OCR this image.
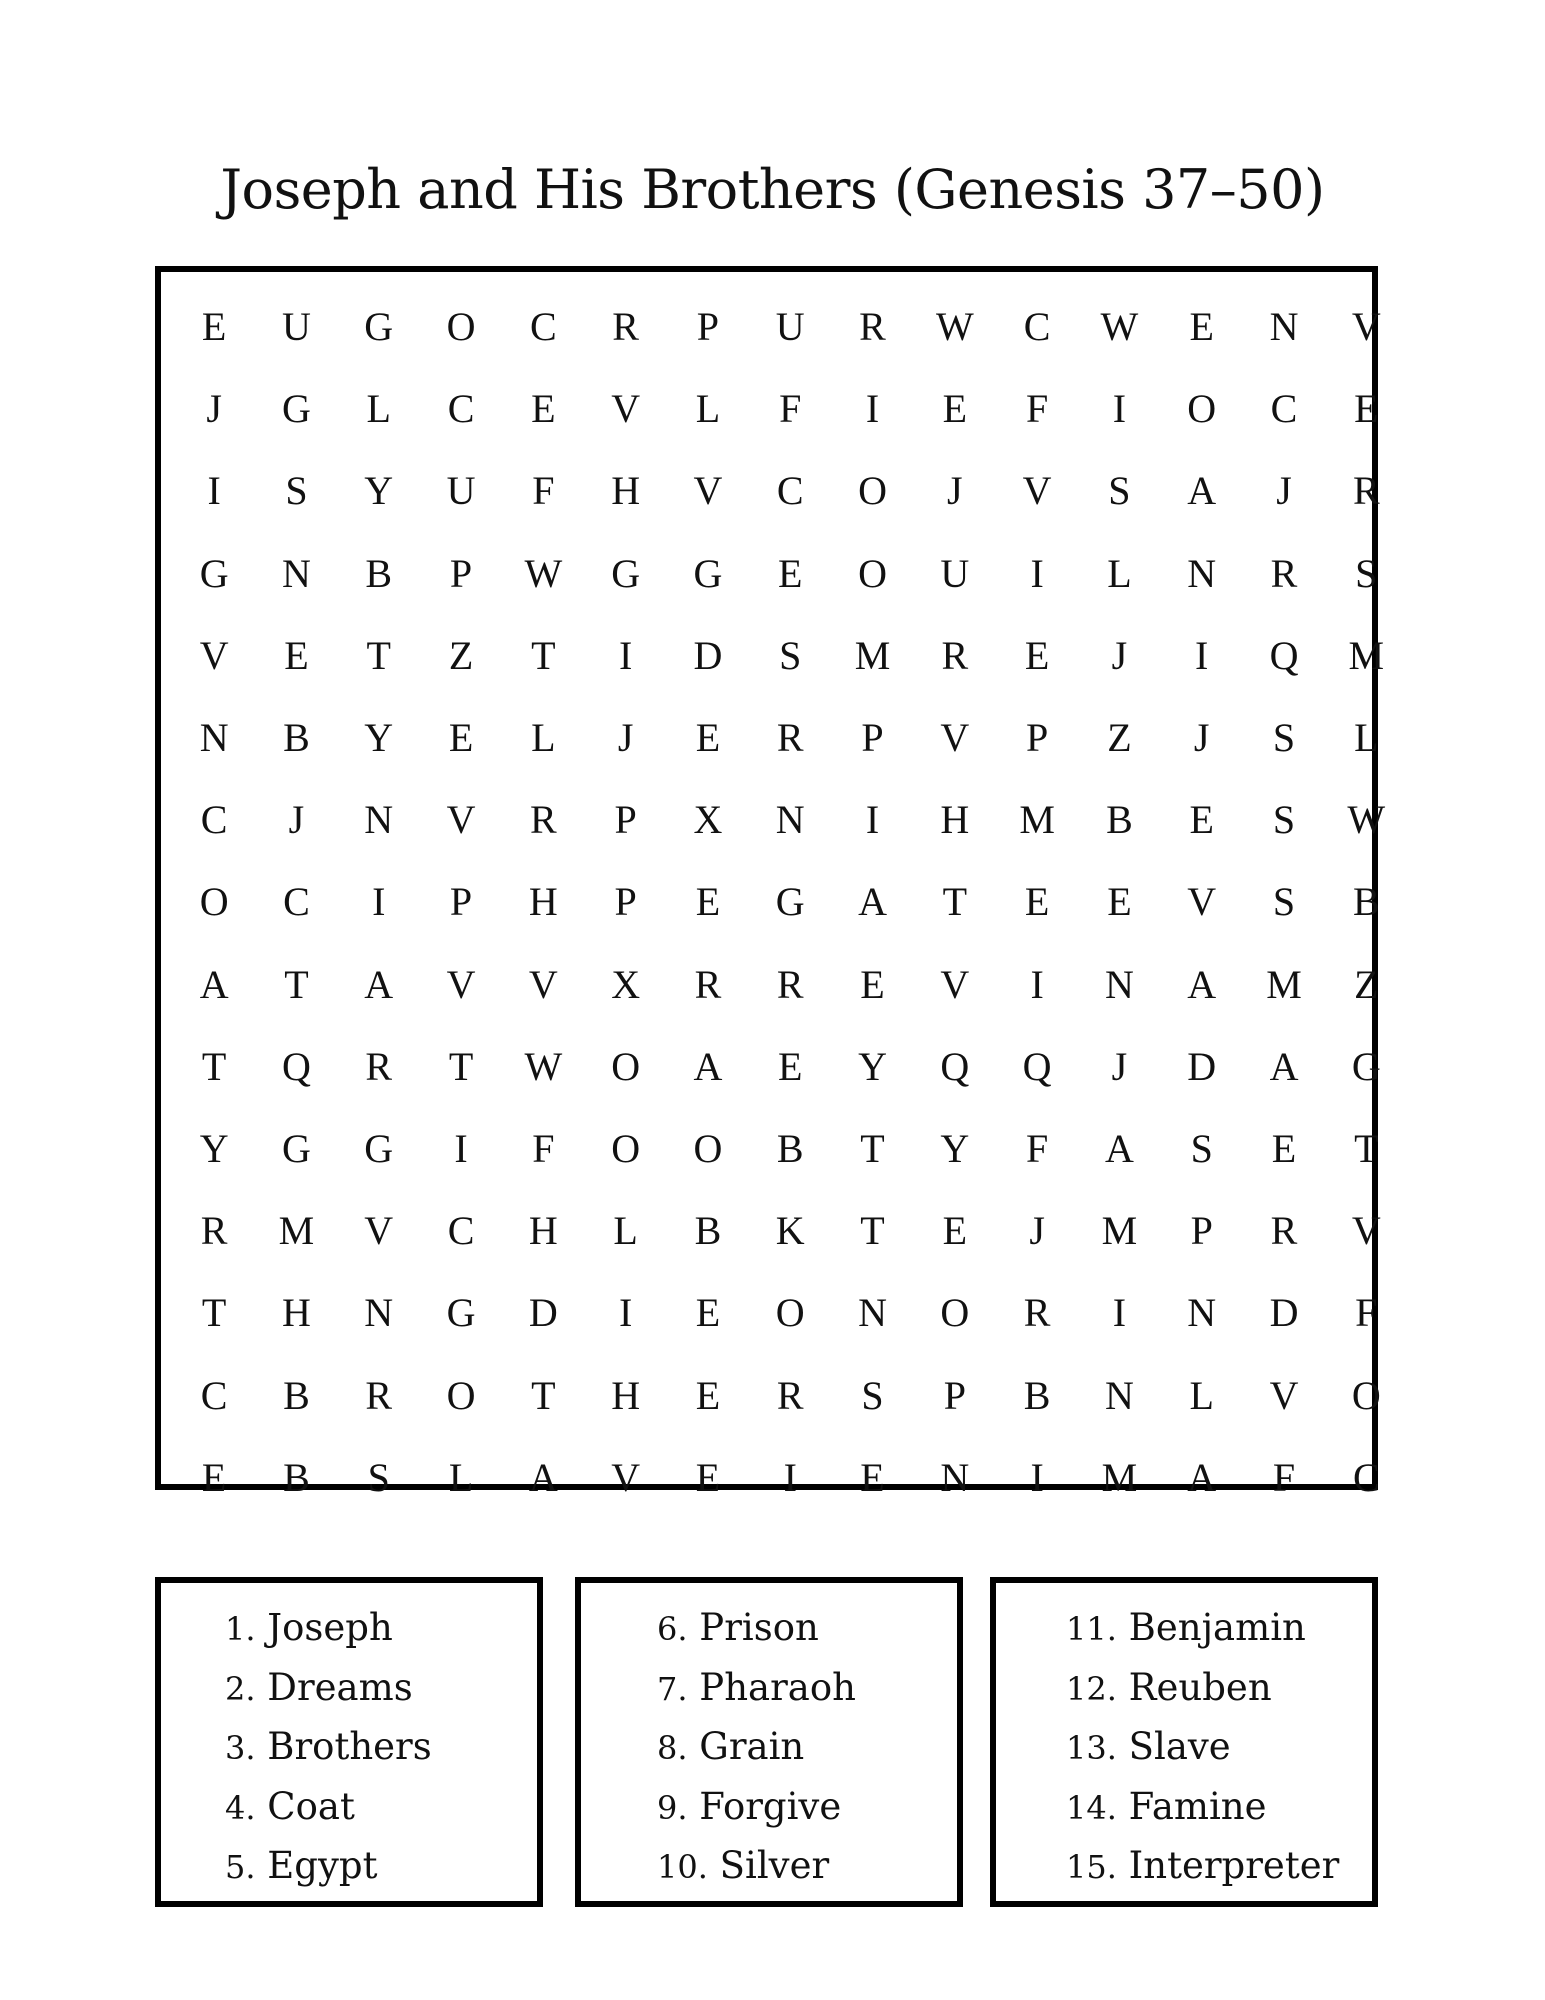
Joseph and His Brothers (Genesis 37–50)
E	U	G	O	C	R	P	U	R	W	C	W	E	N	V
J	G	L	C	E	V	L	F	I	E	F	I	O	C	E
I	S	Y	U	F	H	V	C	O	J	V	S	A	J	R
G	N	B	P	W	G	G	E	O	U	I	L	N	R	S
V	E	T	Z	T	I	D	S	M	R	E	J	I	Q	M
N	B	Y	E	L	J	E	R	P	V	P	Z	J	S	L
C	J	N	V	R	P	X	N	I	H	M	B	E	S	W
O	C	I	P	H	P	E	G	A	T	E	E	V	S	B
A	T	A	V	V	X	R	R	E	V	I	N	A	M	Z
T	Q	R	T	W	O	A	E	Y	Q	Q	J	D	A	G
Y	G	G	I	F	O	O	B	T	Y	F	A	S	E	T
R	M	V	C	H	L	B	K	T	E	J	M	P	R	V
T	H	N	G	D	I	E	O	N	O	R	I	N	D	F
C	B	R	O	T	H	E	R	S	P	B	N	L	V	O
E	B	S	L	A	V	E	I	E	N	I	M	A	F	C
1. Joseph
2. Dreams
3. Brothers
4. Coat
5. Egypt
6. Prison
7. Pharaoh
8. Grain
9. Forgive
10. Silver
11. Benjamin
12. Reuben
13. Slave
14. Famine
15. Interpreter
